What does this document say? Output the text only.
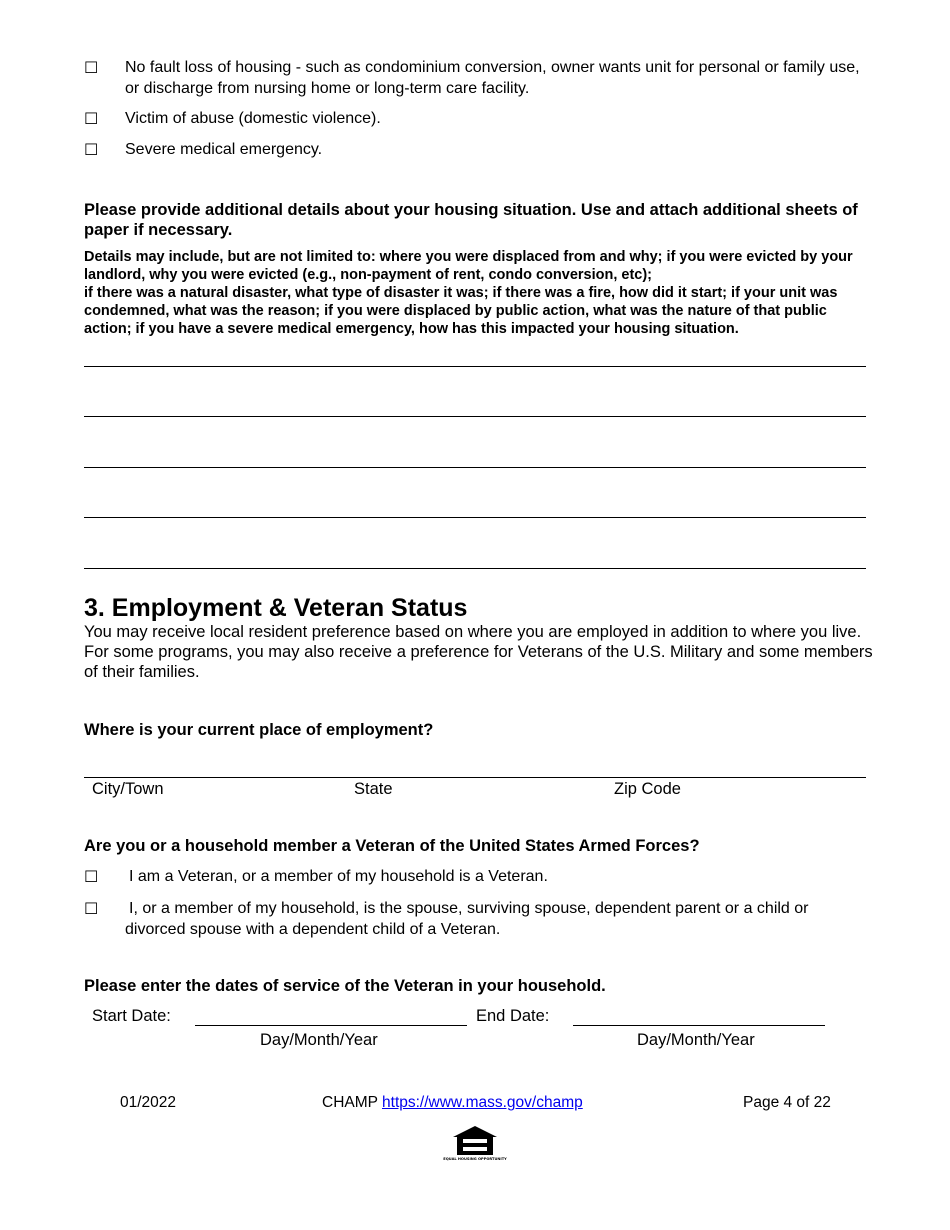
☐ No fault loss of housing - such as condominium conversion, owner wants unit for personal or family use, or discharge from nursing home or long-term care facility.
☐ Victim of abuse (domestic violence).
☐ Severe medical emergency.
Please provide additional details about your housing situation. Use and attach additional sheets of paper if necessary.
Details may include, but are not limited to: where you were displaced from and why; if you were evicted by your landlord, why you were evicted (e.g., non-payment of rent, condo conversion, etc);
if there was a natural disaster, what type of disaster it was; if there was a fire, how did it start; if your unit was condemned, what was the reason; if you were displaced by public action, what was the nature of that public action; if you have a severe medical emergency, how has this impacted your housing situation.
3. Employment & Veteran Status
You may receive local resident preference based on where you are employed in addition to where you live. For some programs, you may also receive a preference for Veterans of the U.S. Military and some members of their families.
Where is your current place of employment?
City/Town	State	Zip Code
Are you or a household member a Veteran of the United States Armed Forces?
☐ I am a Veteran, or a member of my household is a Veteran.
☐ I, or a member of my household, is the spouse, surviving spouse, dependent parent or a child or divorced spouse with a dependent child of a Veteran.
Please enter the dates of service of the Veteran in your household.
Start Date:	End Date:
Day/Month/Year	Day/Month/Year
01/2022	CHAMP https://www.mass.gov/champ	Page 4 of 22
EQUAL HOUSING OPPORTUNITY
